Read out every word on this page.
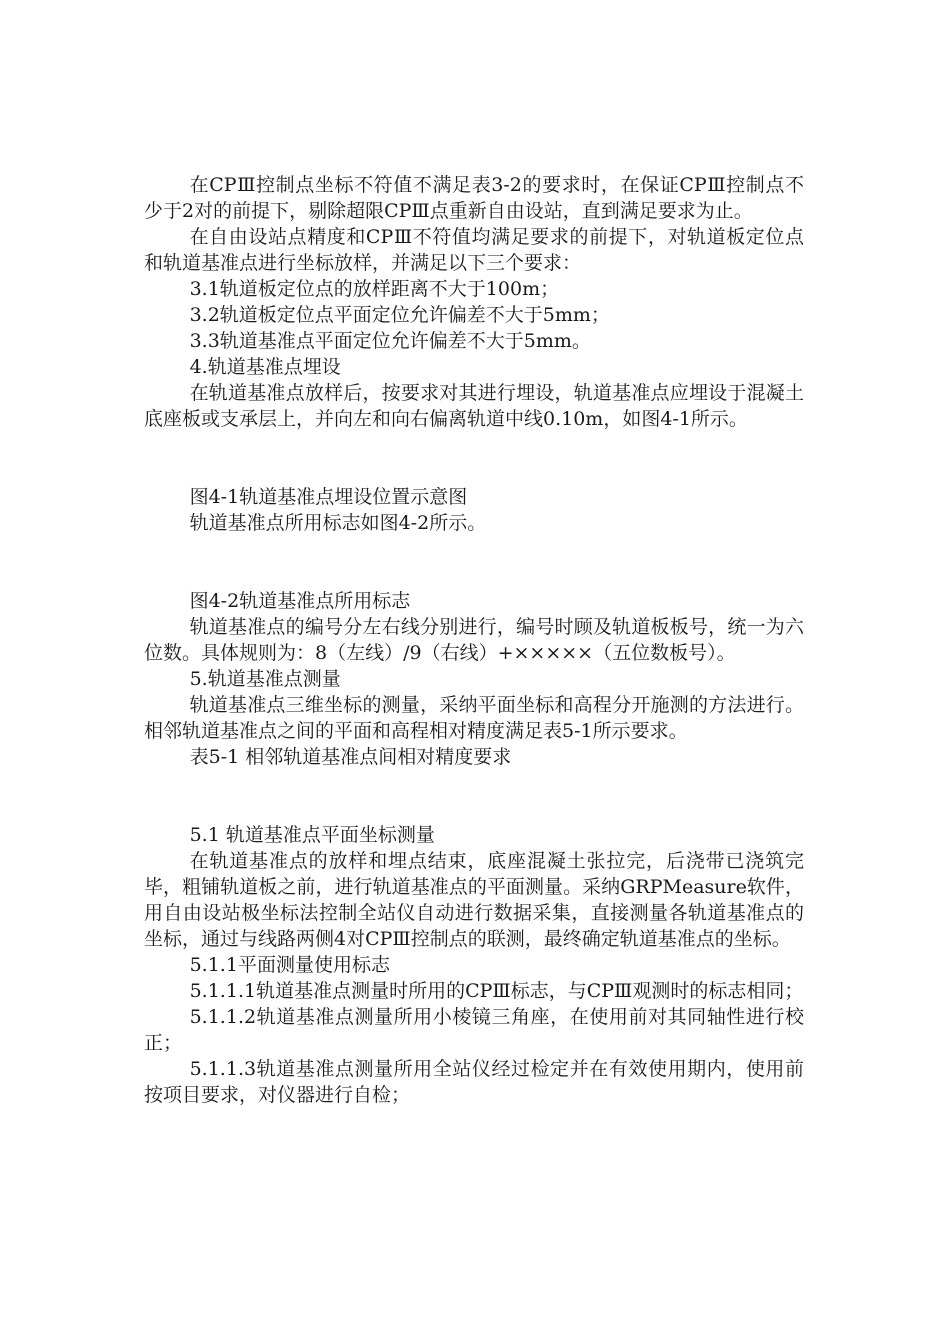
在CPⅢ控制点坐标不符值不满足表3-2的要求时，在保证CPⅢ控制点不少于2对的前提下，剔除超限CPⅢ点重新自由设站，直到满足要求为止。

在自由设站点精度和CPⅢ不符值均满足要求的前提下，对轨道板定位点和轨道基准点进行坐标放样，并满足以下三个要求：

3.1轨道板定位点的放样距离不大于100m；

3.2轨道板定位点平面定位允许偏差不大于5mm；

3.3轨道基准点平面定位允许偏差不大于5mm。

4.轨道基准点埋设

在轨道基准点放样后，按要求对其进行埋设，轨道基准点应埋设于混凝土底座板或支承层上，并向左和向右偏离轨道中线0.10m，如图4-1所示。

图4-1轨道基准点埋设位置示意图

轨道基准点所用标志如图4-2所示。

图4-2轨道基准点所用标志

轨道基准点的编号分左右线分别进行，编号时顾及轨道板板号，统一为六位数。具体规则为：8（左线）/9（右线）+×××××（五位数板号）。

5.轨道基准点测量

轨道基准点三维坐标的测量，采纳平面坐标和高程分开施测的方法进行。相邻轨道基准点之间的平面和高程相对精度满足表5-1所示要求。

表5-1 相邻轨道基准点间相对精度要求

5.1 轨道基准点平面坐标测量

在轨道基准点的放样和埋点结束，底座混凝土张拉完，后浇带已浇筑完毕，粗铺轨道板之前，进行轨道基准点的平面测量。采纳GRPMeasure软件，用自由设站极坐标法控制全站仪自动进行数据采集，直接测量各轨道基准点的坐标，通过与线路两侧4对CPⅢ控制点的联测，最终确定轨道基准点的坐标。

5.1.1平面测量使用标志

5.1.1.1轨道基准点测量时所用的CPⅢ标志，与CPⅢ观测时的标志相同；

5.1.1.2轨道基准点测量所用小棱镜三角座，在使用前对其同轴性进行校正；

5.1.1.3轨道基准点测量所用全站仪经过检定并在有效使用期内，使用前按项目要求，对仪器进行自检；
